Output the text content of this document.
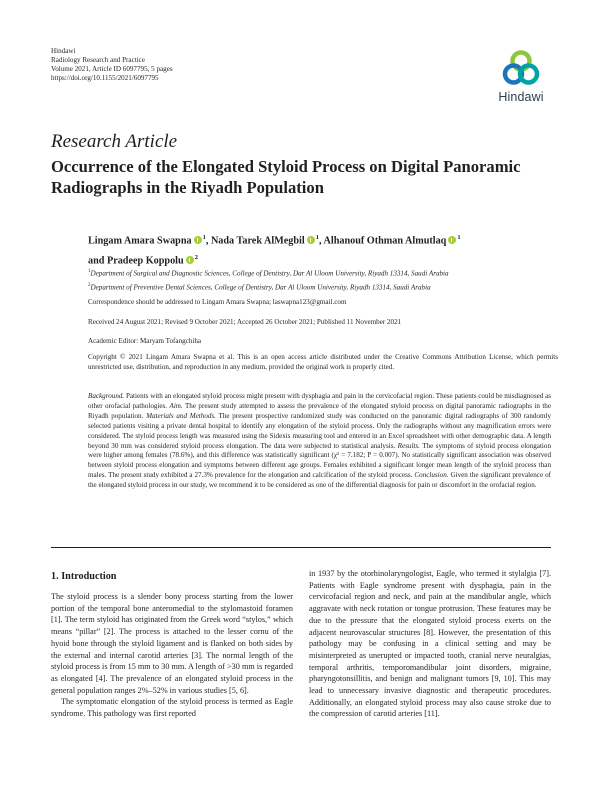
Hindawi
Radiology Research and Practice
Volume 2021, Article ID 6097795, 5 pages
https://doi.org/10.1155/2021/6097795
Hindawi
Research Article
Occurrence of the Elongated Styloid Process on Digital Panoramic Radiographs in the Riyadh Population
Lingam Amara Swapna $^1$, Nada Tarek AlMegbil $^1$, Alhanouf Othman Almutlaq $^1$
and Pradeep Koppolu $^2$
$^1$Department of Surgical and Diagnostic Sciences, College of Dentistry, Dar Al Uloom University, Riyadh 13314, Saudi Arabia
$^2$Department of Preventive Dental Sciences, College of Dentistry, Dar Al Uloom University, Riyadh 13314, Saudi Arabia
Correspondence should be addressed to Lingam Amara Swapna; laswapna123@gmail.com
Received 24 August 2021; Revised 9 October 2021; Accepted 26 October 2021; Published 11 November 2021
Academic Editor: Maryam Tofangchiha
Copyright © 2021 Lingam Amara Swapna et al. This is an open access article distributed under the Creative Commons Attribution License, which permits unrestricted use, distribution, and reproduction in any medium, provided the original work is properly cited.
Background. Patients with an elongated styloid process might present with dysphagia and pain in the cervicofacial region. These patients could be misdiagnosed as other orofacial pathologies. Aim. The present study attempted to assess the prevalence of the elongated styloid process on digital panoramic radiographs in the Riyadh population. Materials and Methods. The present prospective randomized study was conducted on the panoramic digital radiographs of 300 randomly selected patients visiting a private dental hospital to identify any elongation of the styloid process. Only the radiographs without any magnification errors were considered. The styloid process length was measured using the Sidexis measuring tool and entered in an Excel spreadsheet with other demographic data. A length beyond 30 mm was considered styloid process elongation. The data were subjected to statistical analysis. Results. The symptoms of styloid process elongation were higher among females (78.6%), and this difference was statistically significant (χ² = 7.182; P = 0.007). No statistically significant association was observed between styloid process elongation and symptoms between different age groups. Females exhibited a significant longer mean length of the styloid process than males. The present study exhibited a 27.3% prevalence for the elongation and calcification of the styloid process. Conclusion. Given the significant prevalence of the elongated styloid process in our study, we recommend it to be considered as one of the differential diagnosis for pain or discomfort in the orofacial region.
1. Introduction

The styloid process is a slender bony process starting from the lower portion of the temporal bone anteromedial to the stylomastoid foramen [1]. The term styloid has originated from the Greek word “stylos,” which means “pillar” [2]. The process is attached to the lesser cornu of the hyoid bone through the styloid ligament and is flanked on both sides by the external and internal carotid arteries [3]. The normal length of the styloid process is from 15 mm to 30 mm. A length of >30 mm is regarded as elongated [4]. The prevalence of an elongated styloid process in the general population ranges 2%–52% in various studies [5, 6].

The symptomatic elongation of the styloid process is termed as Eagle syndrome. This pathology was first reported

in 1937 by the otorhinolaryngologist, Eagle, who termed it stylalgia [7]. Patients with Eagle syndrome present with dysphagia, pain in the cervicofacial region and neck, and pain at the mandibular angle, which aggravate with neck rotation or tongue protrusion. These features may be due to the pressure that the elongated styloid process exerts on the adjacent neurovascular structures [8]. However, the presentation of this pathology may be confusing in a clinical setting and may be misinterpreted as unerupted or impacted tooth, cranial nerve neuralgias, temporal arthritis, temporomandibular joint disorders, migraine, pharyngotonsillitis, and benign and malignant tumors [9, 10]. This may lead to unnecessary invasive diagnostic and therapeutic procedures. Additionally, an elongated styloid process may also cause stroke due to the compression of carotid arteries [11].
